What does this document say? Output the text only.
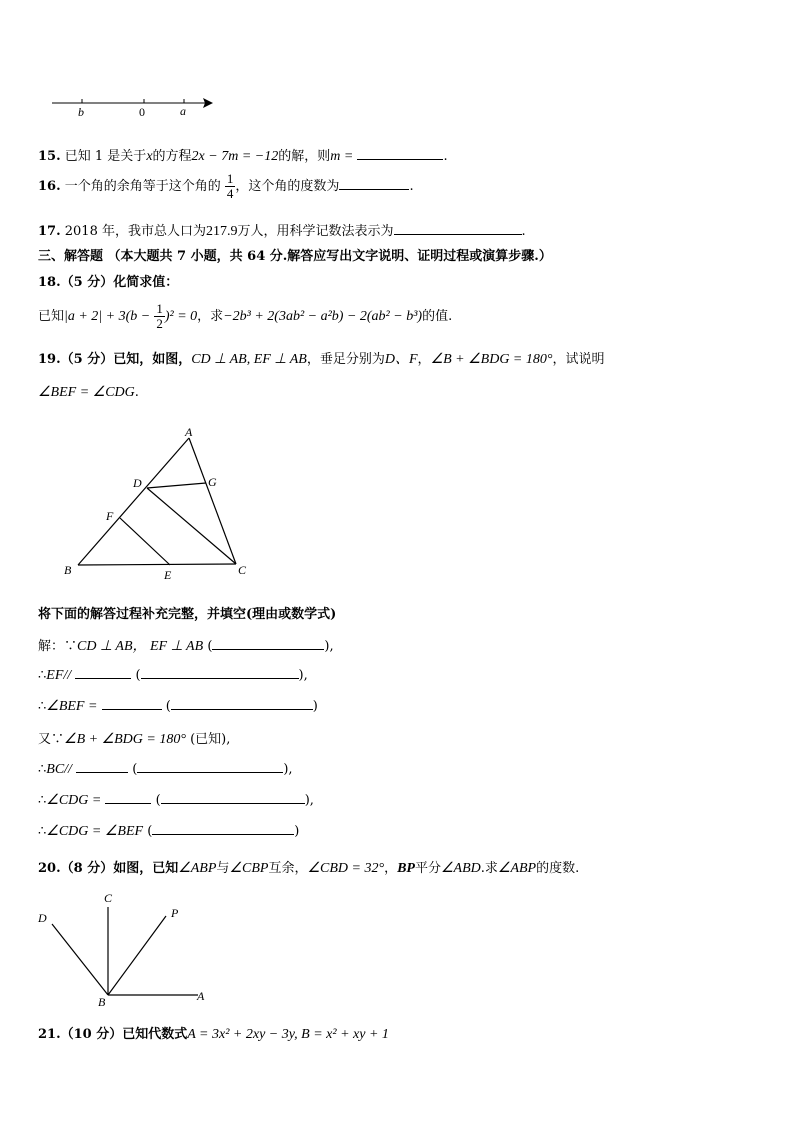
b	0	a
15. 已知 1 是关于x的方程2x − 7m = −12的解，则m =	.
16. 一个角的余角等于这个角的 $\frac{1}{4}$ ，这个角的度数为	.
17. 2018 年，我市总人口为217.9万人，用科学记数法表示为	.
三、解答题 （本大题共 7 小题，共 64 分.解答应写出文字说明、证明过程或演算步骤.）
18.（5 分）化简求值：
已知$|a + 2| + 3(b - \frac{1}{2} )^2 = 0$，求−2b³ + 2(3ab² − a²b) − 2(ab² − b³)的值.
19.（5 分）已知，如图，CD ⊥ AB, EF ⊥ AB，垂足分别为D、F，∠B + ∠BDG = 180°，试说明
∠BEF = ∠CDG.
A
D	G
F
B	E	C
将下面的解答过程补充完整，并填空(理由或数学式)
解：∵CD ⊥ AB， EF ⊥ AB (	),
∴EF//	(	),
∴∠BEF =	(	)
又∵∠B + ∠BDG = 180° (已知),
∴BC//	(	),
∴∠CDG =	(	),
∴∠CDG = ∠BEF (	)
20.（8 分）如图，已知∠ABP与∠CBP互余，∠CBD = 32°，BP平分∠ABD.求∠ABP的度数.
C
D	P
B	A
21.（10 分）已知代数式A = 3x² + 2xy − 3y, B = x² + xy + 1
